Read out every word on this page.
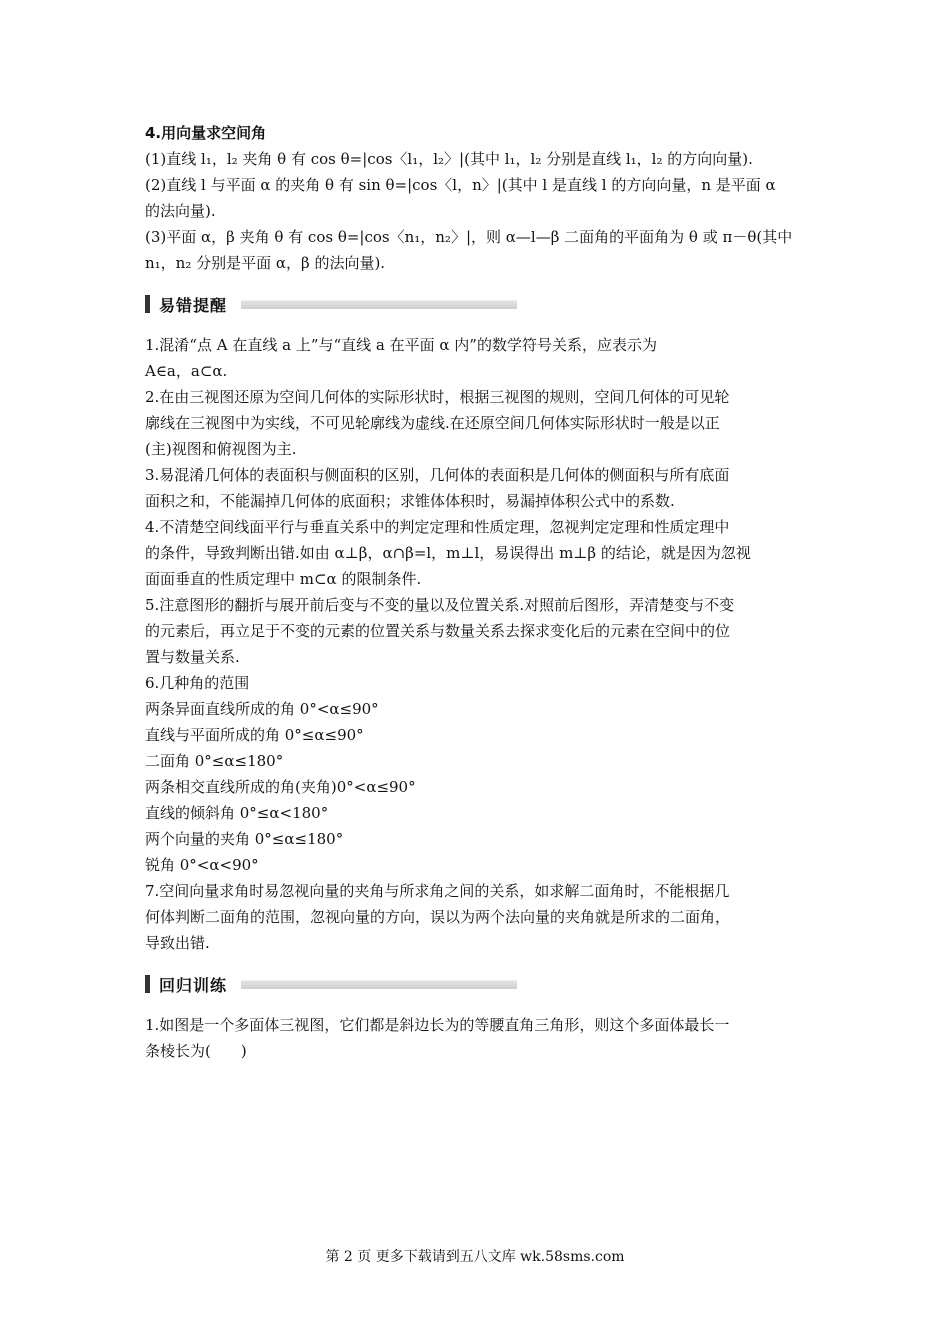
4.用向量求空间角

(1)直线 l₁，l₂ 夹角 θ 有 cos θ=|cos〈l₁，l₂〉|(其中 l₁，l₂ 分别是直线 l₁，l₂ 的方向向量).

(2)直线 l 与平面 α 的夹角 θ 有 sin θ=|cos〈l，n〉|(其中 l 是直线 l 的方向向量，n 是平面 α

的法向量).

(3)平面 α，β 夹角 θ 有 cos θ=|cos〈n₁，n₂〉|，则 α—l—β 二面角的平面角为 θ 或 π－θ(其中

n₁，n₂ 分别是平面 α，β 的法向量).

易错提醒

1.混淆“点 A 在直线 a 上”与“直线 a 在平面 α 内”的数学符号关系，应表示为

A∈a，a⊂α.

2.在由三视图还原为空间几何体的实际形状时，根据三视图的规则，空间几何体的可见轮

廓线在三视图中为实线，不可见轮廓线为虚线.在还原空间几何体实际形状时一般是以正

(主)视图和俯视图为主.

3.易混淆几何体的表面积与侧面积的区别，几何体的表面积是几何体的侧面积与所有底面

面积之和，不能漏掉几何体的底面积；求锥体体积时，易漏掉体积公式中的系数.

4.不清楚空间线面平行与垂直关系中的判定定理和性质定理，忽视判定定理和性质定理中

的条件，导致判断出错.如由 α⊥β，α∩β=l，m⊥l，易误得出 m⊥β 的结论，就是因为忽视

面面垂直的性质定理中 m⊂α 的限制条件.

5.注意图形的翻折与展开前后变与不变的量以及位置关系.对照前后图形，弄清楚变与不变

的元素后，再立足于不变的元素的位置关系与数量关系去探求变化后的元素在空间中的位

置与数量关系.

6.几种角的范围

两条异面直线所成的角 0°<α≤90°

直线与平面所成的角 0°≤α≤90°

二面角 0°≤α≤180°

两条相交直线所成的角(夹角)0°<α≤90°

直线的倾斜角 0°≤α<180°

两个向量的夹角 0°≤α≤180°

锐角 0°<α<90°

7.空间向量求角时易忽视向量的夹角与所求角之间的关系，如求解二面角时，不能根据几

何体判断二面角的范围，忽视向量的方向，误以为两个法向量的夹角就是所求的二面角，

导致出错.

回归训练

1.如图是一个多面体三视图，它们都是斜边长为的等腰直角三角形，则这个多面体最长一

条棱长为(　　)

第 2 页 更多下载请到五八文库 wk.58sms.com
